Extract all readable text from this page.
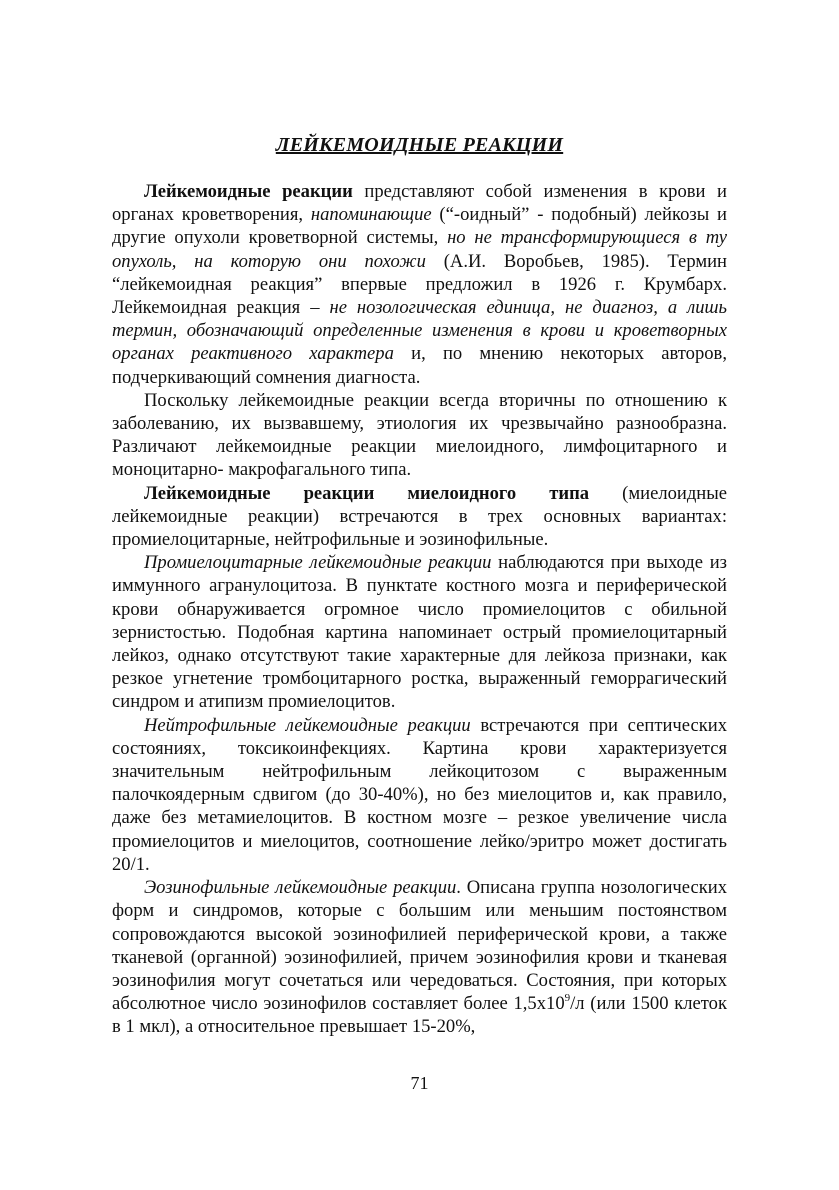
ЛЕЙКЕМОИДНЫЕ РЕАКЦИИ

Лейкемоидные реакции представляют собой изменения в крови и органах кроветворения, напоминающие (“-оидный” - подобный) лейкозы и другие опухоли кроветворной системы, но не трансформирующиеся в ту опухоль, на которую они похожи (А.И. Воробьев, 1985). Термин “лейкемоидная реакция” впервые предложил в 1926 г. Крумбарх. Лейкемоидная реакция – не нозологическая единица, не диагноз, а лишь термин, обозначающий определенные изменения в крови и кроветворных органах реактивного характера и, по мнению некоторых авторов, подчеркивающий сомнения диагноста.

Поскольку лейкемоидные реакции всегда вторичны по отношению к заболеванию, их вызвавшему, этиология их чрезвычайно разнообразна. Различают лейкемоидные реакции миелоидного, лимфоцитарного и моноцитарно- макрофагального типа.

Лейкемоидные реакции миелоидного типа (миелоидные лейкемоидные реакции) встречаются в трех основных вариантах: промиелоцитарные, нейтрофильные и эозинофильные.

Промиелоцитарные лейкемоидные реакции наблюдаются при выходе из иммунного агранулоцитоза. В пунктате костного мозга и периферической крови обнаруживается огромное число промиелоцитов с обильной зернистостью. Подобная картина напоминает острый промиелоцитарный лейкоз, однако отсутствуют такие характерные для лейкоза признаки, как резкое угнетение тромбоцитарного ростка, выраженный геморрагический синдром и атипизм промиелоцитов.

Нейтрофильные лейкемоидные реакции встречаются при септических состояниях, токсикоинфекциях. Картина крови характеризуется значительным нейтрофильным лейкоцитозом с выраженным палочкоядерным сдвигом (до 30-40%), но без миелоцитов и, как правило, даже без метамиелоцитов. В костном мозге – резкое увеличение числа промиелоцитов и миелоцитов, соотношение лейко/эритро может достигать 20/1.

Эозинофильные лейкемоидные реакции. Описана группа нозологических форм и синдромов, которые с большим или меньшим постоянством сопровождаются высокой эозинофилией периферической крови, а также тканевой (органной) эозинофилией, причем эозинофилия крови и тканевая эозинофилия могут сочетаться или чередоваться. Состояния, при которых абсолютное число эозинофилов составляет более $1,5x10^9/л$ (или 1500 клеток в 1 мкл), а относительное превышает 15-20%,

71
